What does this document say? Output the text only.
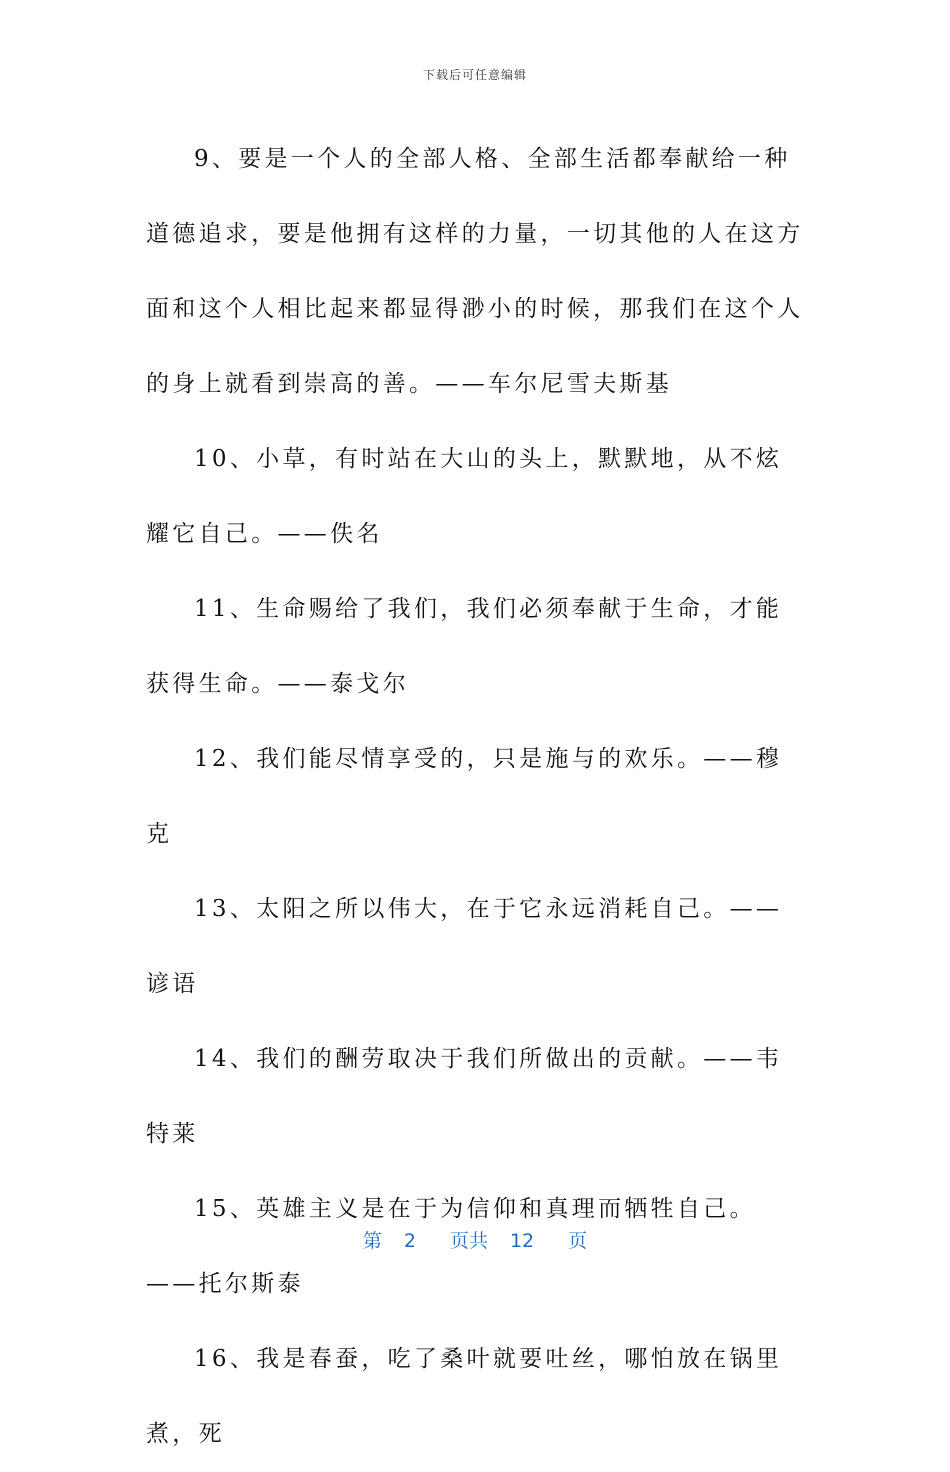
下载后可任意编辑

9、要是一个人的全部人格、全部生活都奉献给一种道德追求，要是他拥有这样的力量，一切其他的人在这方面和这个人相比起来都显得渺小的时候，那我们在这个人的身上就看到崇高的善。——车尔尼雪夫斯基

10、小草，有时站在大山的头上，默默地，从不炫耀它自己。——佚名

11、生命赐给了我们，我们必须奉献于生命，才能获得生命。——泰戈尔

12、我们能尽情享受的，只是施与的欢乐。——穆克

13、太阳之所以伟大，在于它永远消耗自己。——谚语

14、我们的酬劳取决于我们所做出的贡献。——韦特莱

15、英雄主义是在于为信仰和真理而牺牲自己。——托尔斯泰

16、我是春蚕，吃了桑叶就要吐丝，哪怕放在锅里煮，死

第 2 页共 12 页
